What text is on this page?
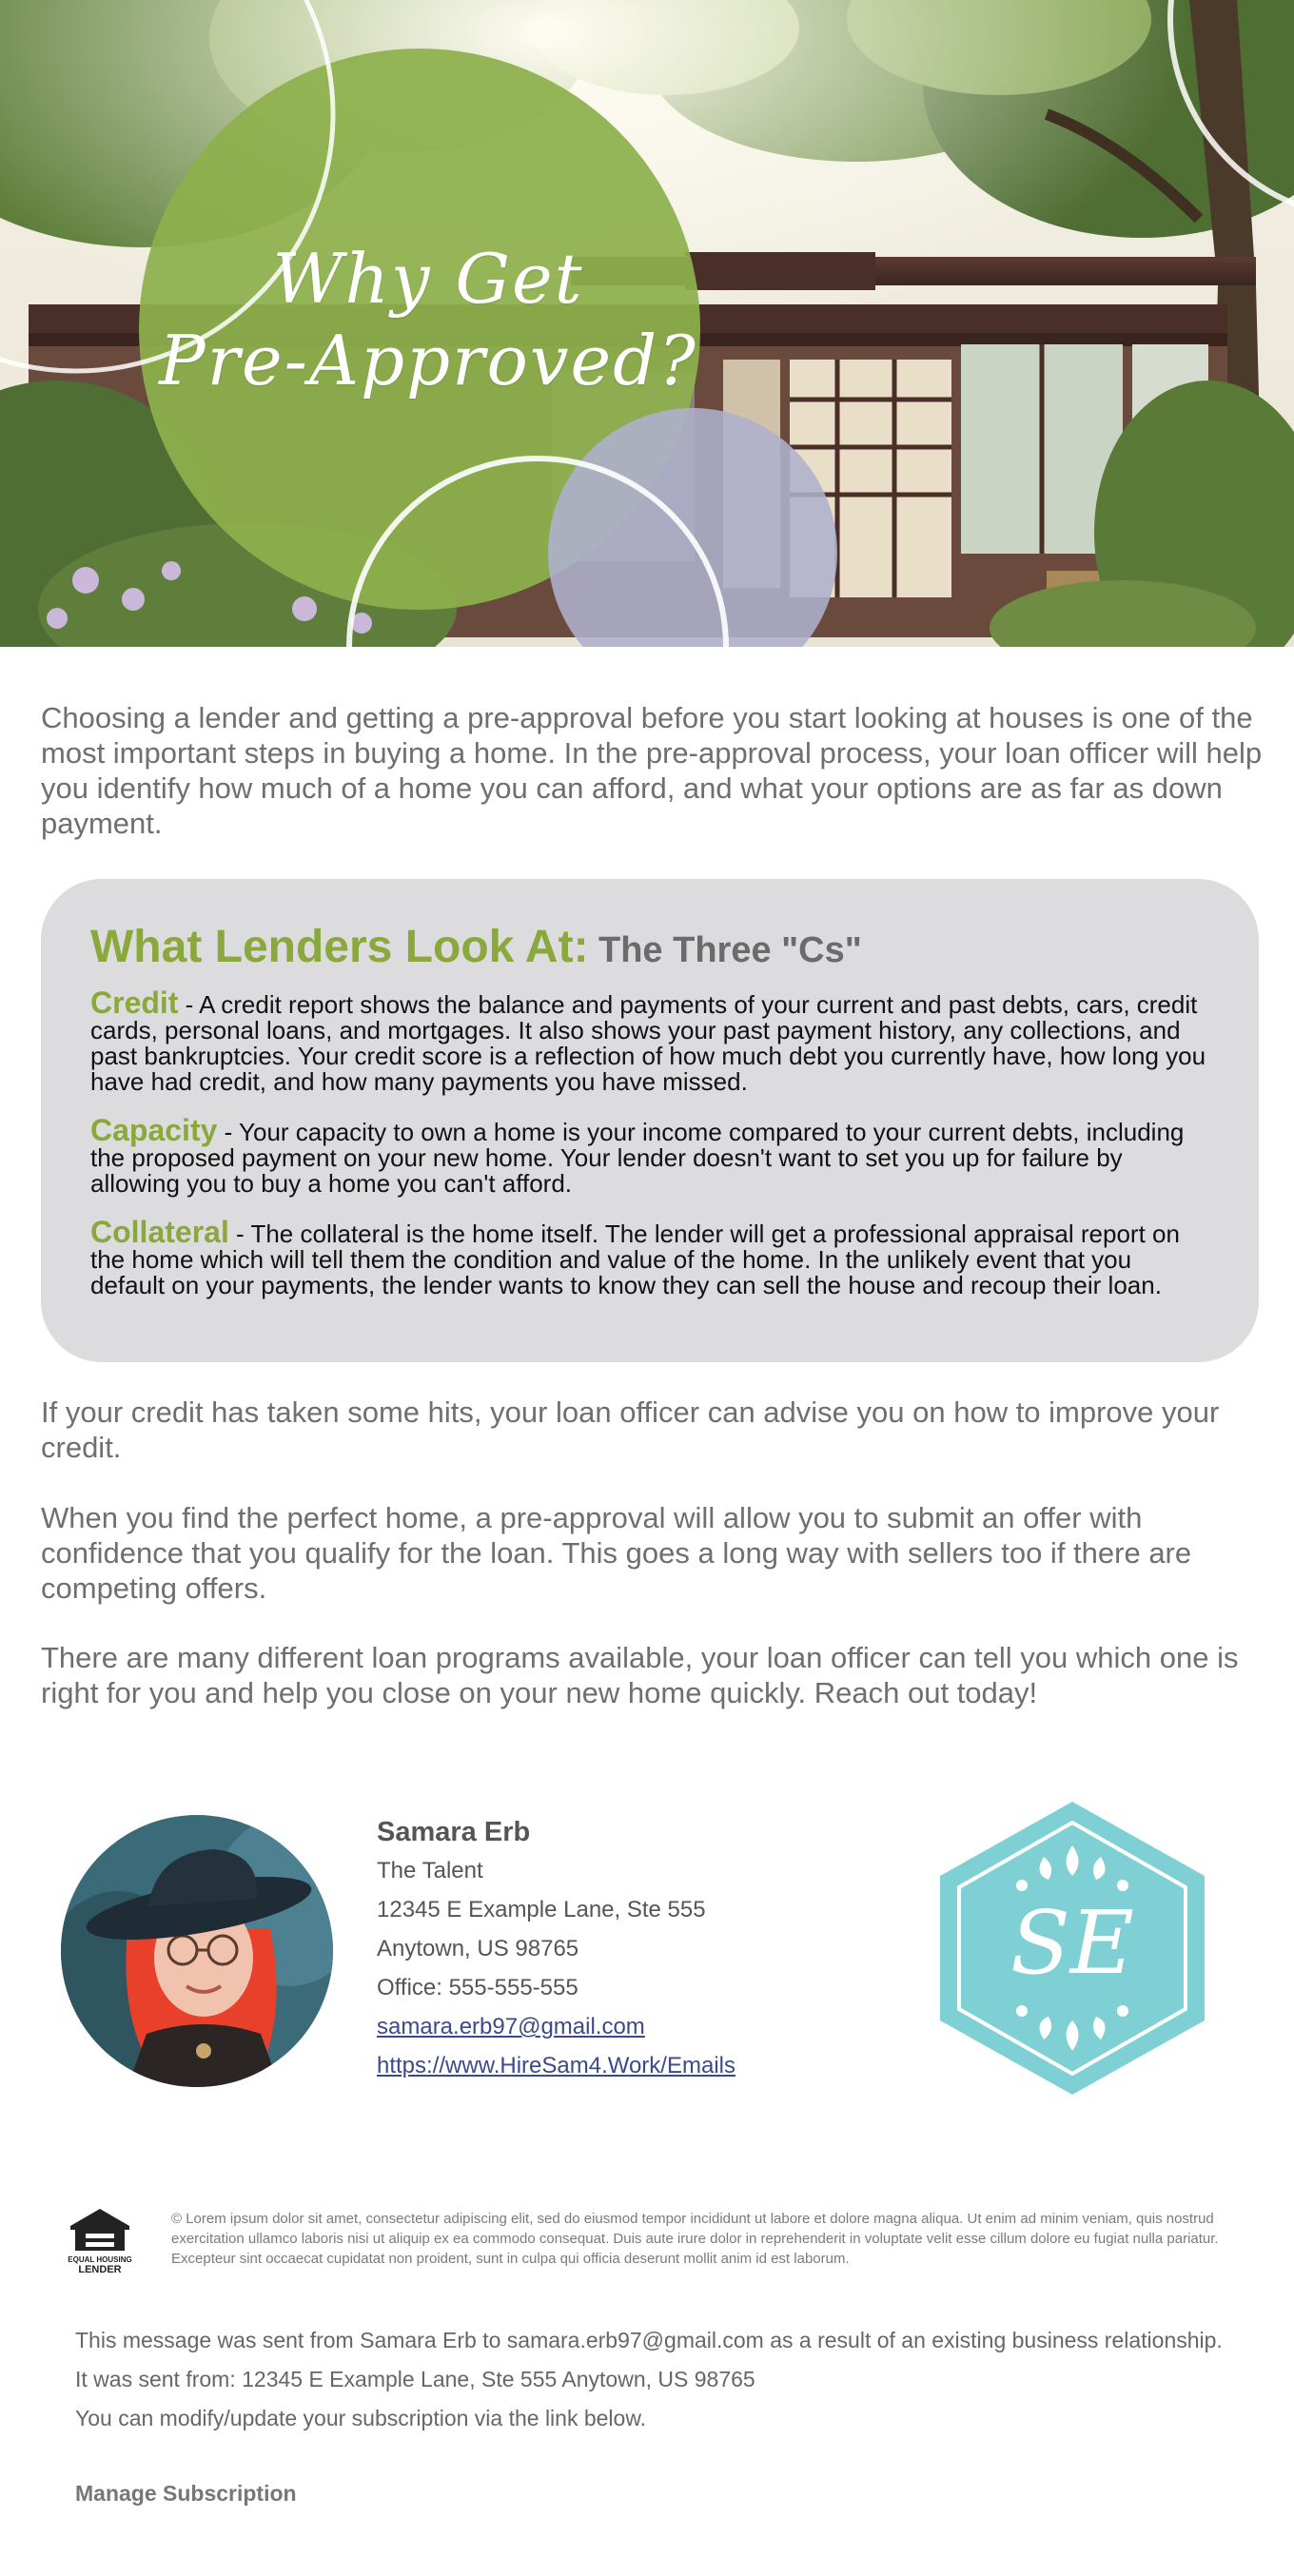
Why Get
Pre-Approved?

Choosing a lender and getting a pre-approval before you start looking at houses is one of the most important steps in buying a home. In the pre-approval process, your loan officer will help you identify how much of a home you can afford, and what your options are as far as down payment.

What Lenders Look At: The Three "Cs"

Credit - A credit report shows the balance and payments of your current and past debts, cars, credit cards, personal loans, and mortgages. It also shows your past payment history, any collections, and past bankruptcies. Your credit score is a reflection of how much debt you currently have, how long you have had credit, and how many payments you have missed.

Capacity - Your capacity to own a home is your income compared to your current debts, including the proposed payment on your new home. Your lender doesn't want to set you up for failure by allowing you to buy a home you can't afford.

Collateral - The collateral is the home itself. The lender will get a professional appraisal report on the home which will tell them the condition and value of the home. In the unlikely event that you default on your payments, the lender wants to know they can sell the house and recoup their loan.

If your credit has taken some hits, your loan officer can advise you on how to improve your credit.

When you find the perfect home, a pre-approval will allow you to submit an offer with confidence that you qualify for the loan. This goes a long way with sellers too if there are competing offers.

There are many different loan programs available, your loan officer can tell you which one is right for you and help you close on your new home quickly. Reach out today!

Samara Erb
The Talent
12345 E Example Lane, Ste 555
Anytown, US 98765
Office: 555-555-555
samara.erb97@gmail.com
https://www.HireSam4.Work/Emails
SE
EQUAL HOUSING
LENDER

© Lorem ipsum dolor sit amet, consectetur adipiscing elit, sed do eiusmod tempor incididunt ut labore et dolore magna aliqua. Ut enim ad minim veniam, quis nostrud exercitation ullamco laboris nisi ut aliquip ex ea commodo consequat. Duis aute irure dolor in reprehenderit in voluptate velit esse cillum dolore eu fugiat nulla pariatur. Excepteur sint occaecat cupidatat non proident, sunt in culpa qui officia deserunt mollit anim id est laborum.

This message was sent from Samara Erb to samara.erb97@gmail.com as a result of an existing business relationship.
It was sent from: 12345 E Example Lane, Ste 555 Anytown, US 98765
You can modify/update your subscription via the link below.
Manage Subscription
